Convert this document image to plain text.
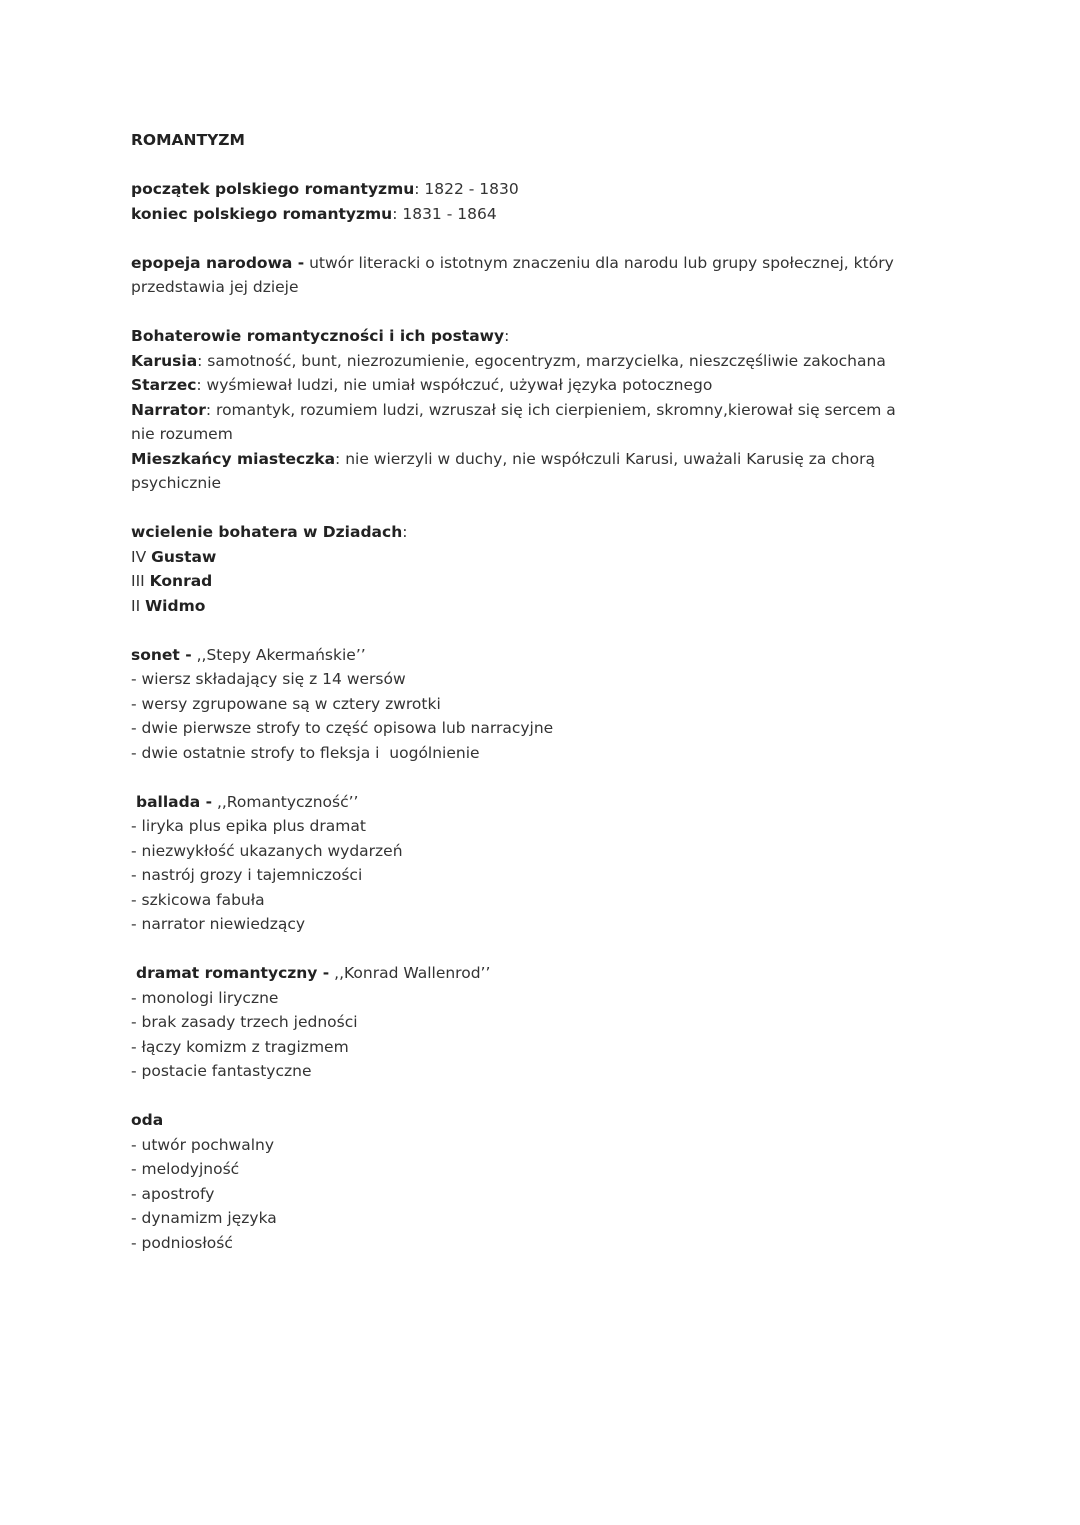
ROMANTYZM

początek polskiego romantyzmu: 1822 - 1830

koniec polskiego romantyzmu: 1831 - 1864

epopeja narodowa - utwór literacki o istotnym znaczeniu dla narodu lub grupy społecznej, który

przedstawia jej dzieje

Bohaterowie romantyczności i ich postawy:

Karusia: samotność, bunt, niezrozumienie, egocentryzm, marzycielka, nieszczęśliwie zakochana

Starzec: wyśmiewał ludzi, nie umiał współczuć, używał języka potocznego

Narrator: romantyk, rozumiem ludzi, wzruszał się ich cierpieniem, skromny,kierował się sercem a

nie rozumem

Mieszkańcy miasteczka: nie wierzyli w duchy, nie współczuli Karusi, uważali Karusię za chorą

psychicznie

wcielenie bohatera w Dziadach:

IV Gustaw

III Konrad

II Widmo

sonet - ,,Stepy Akermańskie’’

- wiersz składający się z 14 wersów

- wersy zgrupowane są w cztery zwrotki

- dwie pierwsze strofy to część opisowa lub narracyjne

- dwie ostatnie strofy to fleksja i  uogólnienie

ballada - ,,Romantyczność’’

- liryka plus epika plus dramat

- niezwykłość ukazanych wydarzeń

- nastrój grozy i tajemniczości

- szkicowa fabuła

- narrator niewiedzący

dramat romantyczny - ,,Konrad Wallenrod’’

- monologi liryczne

- brak zasady trzech jedności

- łączy komizm z tragizmem

- postacie fantastyczne

oda

- utwór pochwalny

- melodyjność

- apostrofy

- dynamizm języka

- podniosłość
